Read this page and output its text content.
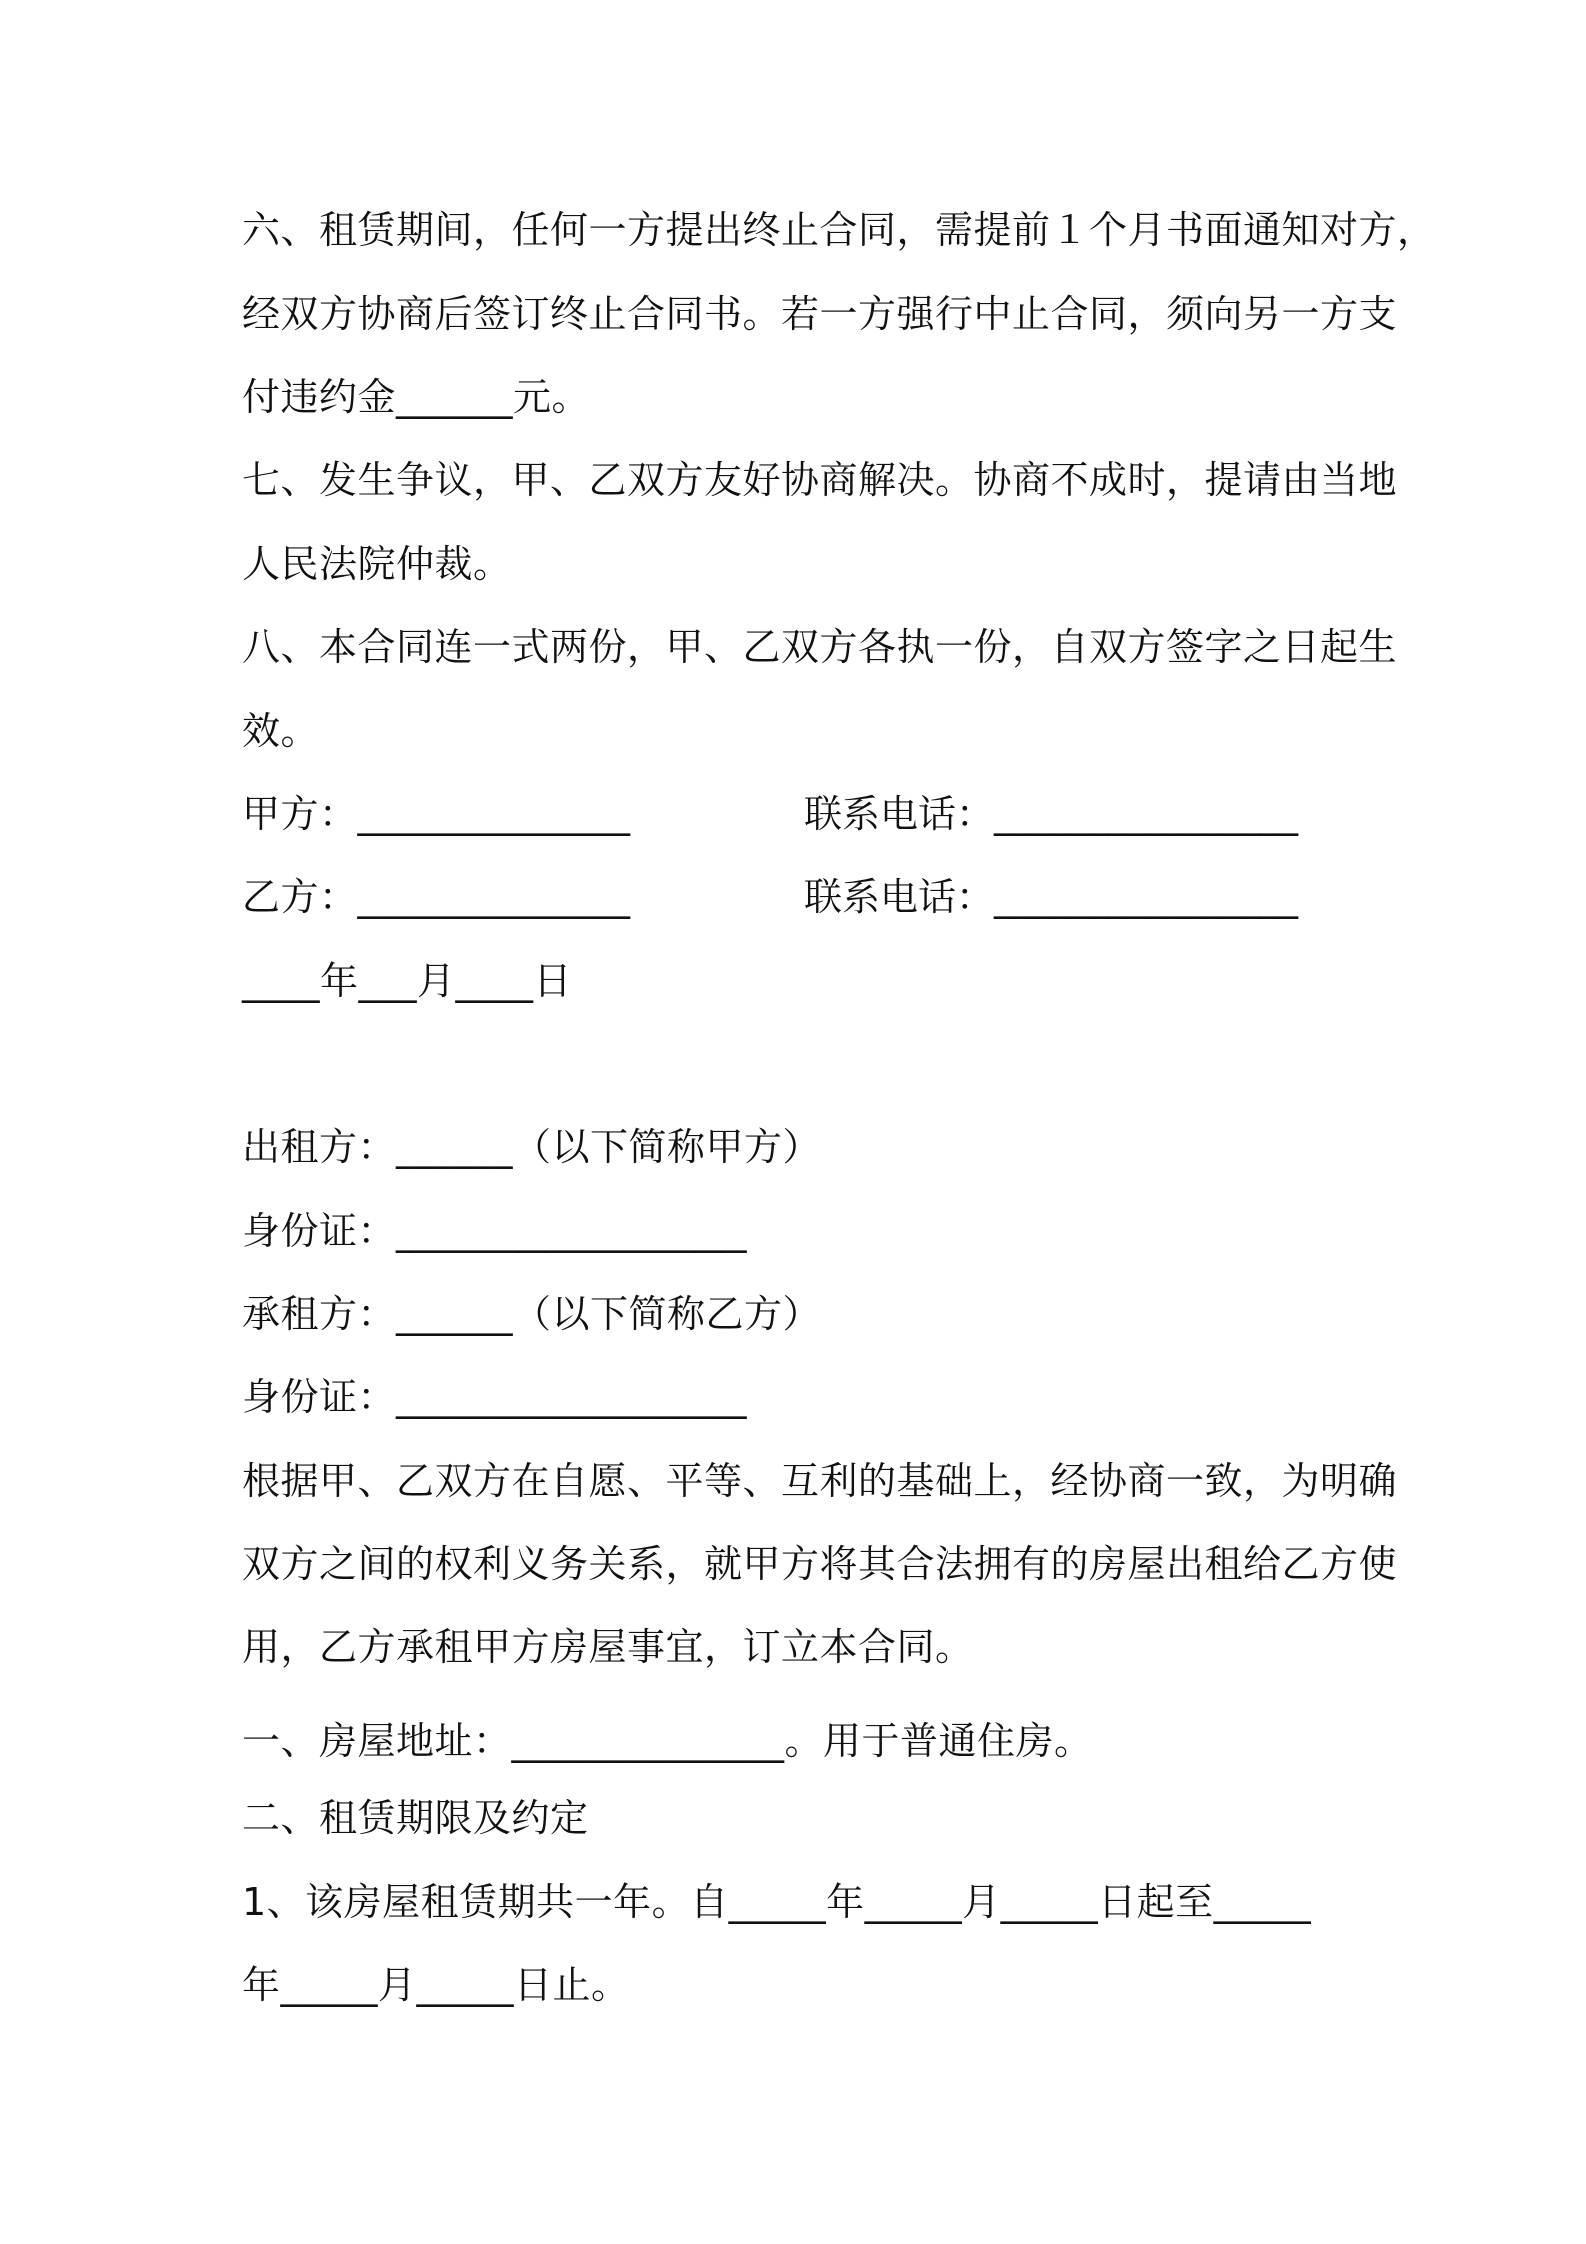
六、租赁期间，任何一方提出终止合同，需提前１个月书面通知对方，
经双方协商后签订终止合同书。若一方强行中止合同，须向另一方支
付违约金______元。
七、发生争议，甲、乙双方友好协商解决。协商不成时，提请由当地
人民法院仲裁。
八、本合同连一式两份，甲、乙双方各执一份，自双方签字之日起生
效。
甲方：______________	联系电话：________________
乙方：______________	联系电话：________________
____年___月____日
出租方：______（以下简称甲方）
身份证：__________________
承租方：______（以下简称乙方）
身份证：__________________
根据甲、乙双方在自愿、平等、互利的基础上，经协商一致，为明确
双方之间的权利义务关系，就甲方将其合法拥有的房屋出租给乙方使
用，乙方承租甲方房屋事宜，订立本合同。
一、房屋地址：______________。用于普通住房。
二、租赁期限及约定
1、该房屋租赁期共一年。自_____年_____月_____日起至_____
年_____月_____日止。
